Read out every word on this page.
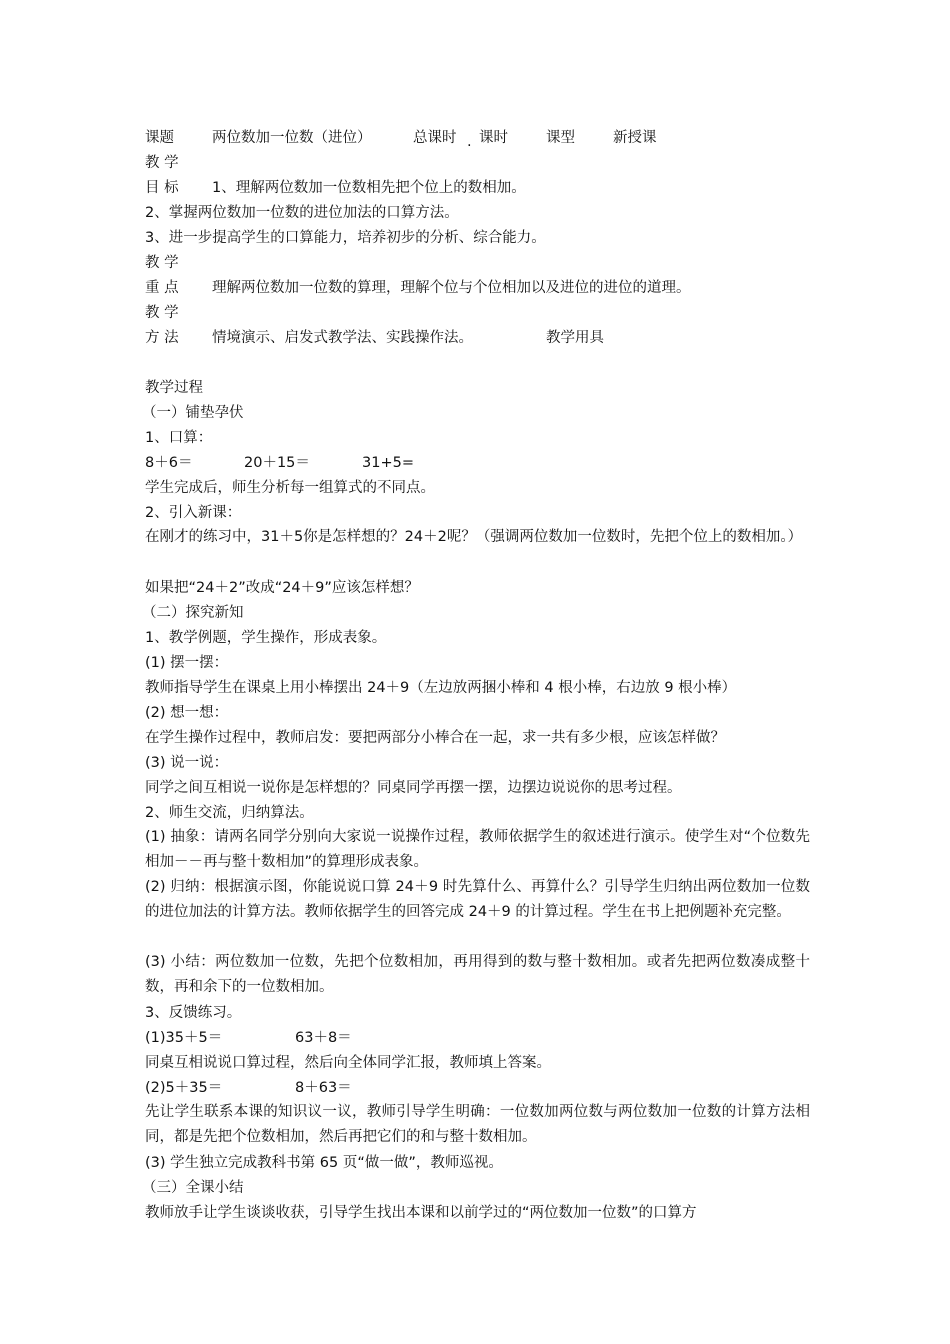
课题	两位数加一位数（进位）	总课时 . 课时	课型	新授课
教 学
目 标 1、理解两位数加一位数相先把个位上的数相加。
2、掌握两位数加一位数的进位加法的口算方法。
3、进一步提高学生的口算能力，培养初步的分析、综合能力。
教 学
重 点 理解两位数加一位数的算理，理解个位与个位相加以及进位的进位的道理。
教 学
方 法 情境演示、启发式教学法、实践操作法。	教学用具
教学过程
（一）铺垫孕伏
1、口算：
8＋6＝	20＋15＝	31+5=
学生完成后，师生分析每一组算式的不同点。
2、引入新课：
在刚才的练习中，31＋5你是怎样想的？24＋2呢？（强调两位数加一位数时，先把个位上的数相加。）
如果把“24＋2”改成“24＋9”应该怎样想？
（二）探究新知
1、教学例题，学生操作，形成表象。
(1) 摆一摆：
教师指导学生在课桌上用小棒摆出 24＋9（左边放两捆小棒和 4 根小棒，右边放 9 根小棒）
(2) 想一想：
在学生操作过程中，教师启发：要把两部分小棒合在一起，求一共有多少根，应该怎样做？
(3) 说一说：
同学之间互相说一说你是怎样想的？同桌同学再摆一摆，边摆边说说你的思考过程。
2、师生交流，归纳算法。
(1) 抽象：请两名同学分别向大家说一说操作过程，教师依据学生的叙述进行演示。使学生对“个位数先相加－－再与整十数相加”的算理形成表象。
(2) 归纳：根据演示图，你能说说口算 24＋9 时先算什么、再算什么？引导学生归纳出两位数加一位数的进位加法的计算方法。教师依据学生的回答完成 24＋9 的计算过程。学生在书上把例题补充完整。
(3) 小结：两位数加一位数，先把个位数相加，再用得到的数与整十数相加。或者先把两位数凑成整十数，再和余下的一位数相加。
3、反馈练习。
(1)35＋5＝	63＋8＝
同桌互相说说口算过程，然后向全体同学汇报，教师填上答案。
(2)5＋35＝	8＋63＝
先让学生联系本课的知识议一议，教师引导学生明确：一位数加两位数与两位数加一位数的计算方法相同，都是先把个位数相加，然后再把它们的和与整十数相加。
(3) 学生独立完成教科书第 65 页“做一做”，教师巡视。
（三）全课小结
教师放手让学生谈谈收获，引导学生找出本课和以前学过的“两位数加一位数”的口算方
